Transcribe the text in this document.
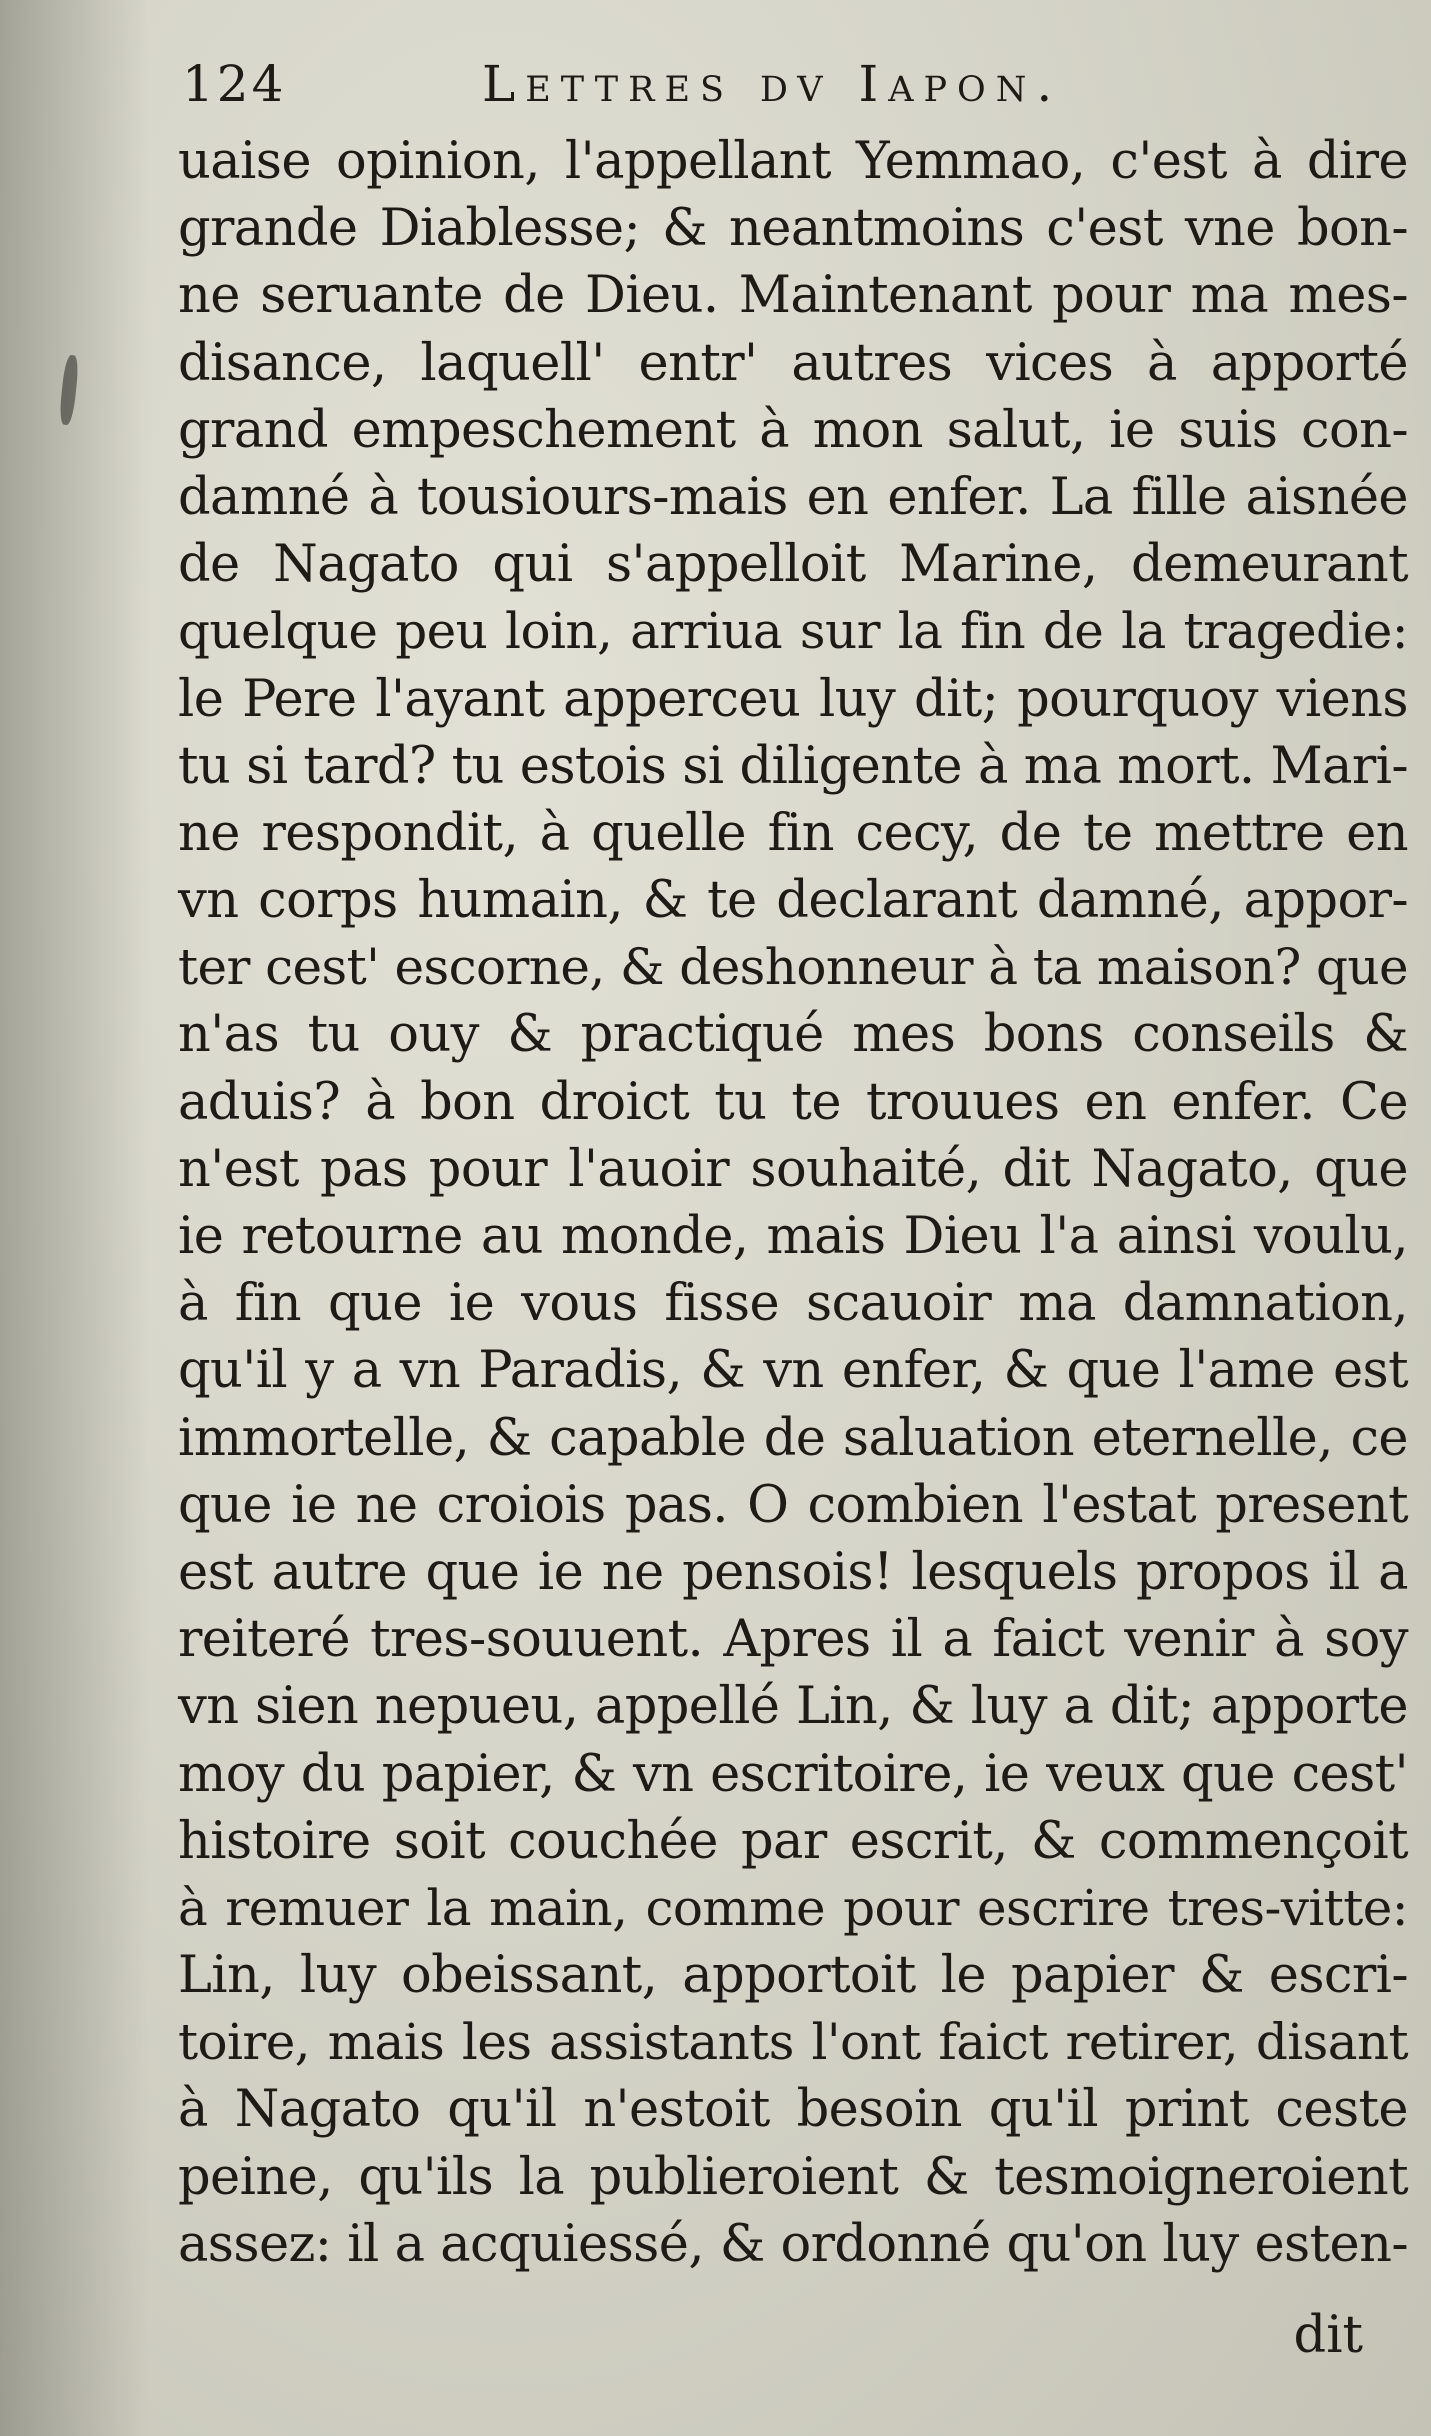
124	Lettres dv Iapon.
uaise opinion, l'appellant Yemmao, c'est à dire
grande Diablesse; & neantmoins c'est vne bon-
ne seruante de Dieu. Maintenant pour ma mes-
disance, laquell' entr' autres vices à apporté
grand empeschement à mon salut, ie suis con-
damné à tousiours-mais en enfer. La fille aisnée
de Nagato qui s'appelloit Marine, demeurant
quelque peu loin, arriua sur la fin de la tragedie:
le Pere l'ayant apperceu luy dit; pourquoy viens
tu si tard? tu estois si diligente à ma mort. Mari-
ne respondit, à quelle fin cecy, de te mettre en
vn corps humain, & te declarant damné, appor-
ter cest' escorne, & deshonneur à ta maison? que
n'as tu ouy & practiqué mes bons conseils &
aduis? à bon droict tu te trouues en enfer. Ce
n'est pas pour l'auoir souhaité, dit Nagato, que
ie retourne au monde, mais Dieu l'a ainsi voulu,
à fin que ie vous fisse scauoir ma damnation,
qu'il y a vn Paradis, & vn enfer, & que l'ame est
immortelle, & capable de saluation eternelle, ce
que ie ne croiois pas. O combien l'estat present
est autre que ie ne pensois! lesquels propos il a
reiteré tres-souuent. Apres il a faict venir à soy
vn sien nepueu, appellé Lin, & luy a dit; apporte
moy du papier, & vn escritoire, ie veux que cest'
histoire soit couchée par escrit, & commençoit
à remuer la main, comme pour escrire tres-vitte:
Lin, luy obeissant, apportoit le papier & escri-
toire, mais les assistants l'ont faict retirer, disant
à Nagato qu'il n'estoit besoin qu'il print ceste
peine, qu'ils la publieroient & tesmoigneroient
assez: il a acquiessé, & ordonné qu'on luy esten-
dit
